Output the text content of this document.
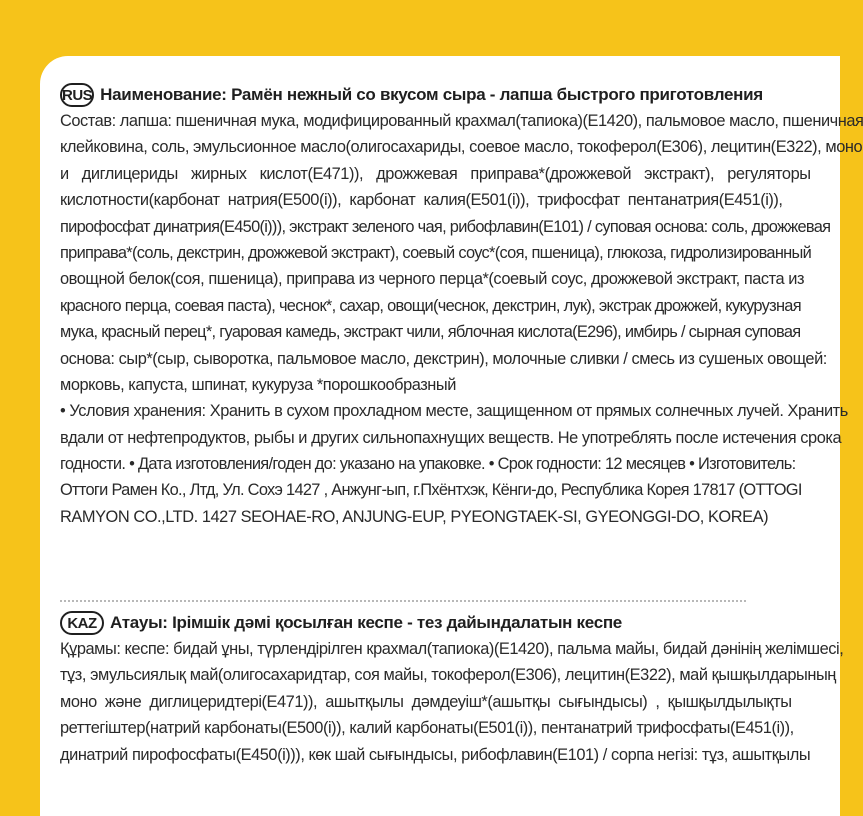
RUS Наименование: Рамён нежный со вкусом сыра - лапша быстрого приготовления
Состав: лапша: пшеничная мука, модифицированный крахмал(тапиока)(E1420), пальмовое масло, пшеничная
клейковина, соль, эмульсионное масло(олигосахариды, соевое масло, токоферол(E306), лецитин(E322), моно
и диглицериды жирных кислот(E471)), дрожжевая приправа*(дрожжевой экстракт), регуляторы
кислотности(карбонат натрия(E500(i)), карбонат калия(E501(i)), трифосфат пентанатрия(E451(i)),
пирофосфат динатрия(E450(i))), экстракт зеленого чая, рибофлавин(E101) / суповая основа: соль, дрожжевая
приправа*(соль, декстрин, дрожжевой экстракт), соевый соус*(соя, пшеница), глюкоза, гидролизированный
овощной белок(соя, пшеница), приправа из черного перца*(соевый соус, дрожжевой экстракт, паста из
красного перца, соевая паста), чеснок*, сахар, овощи(чеснок, декстрин, лук), экстрак дрожжей, кукурузная
мука, красный перец*, гуаровая камедь, экстракт чили, яблочная кислота(E296), имбирь / сырная суповая
основа: сыр*(сыр, сыворотка, пальмовое масло, декстрин), молочные сливки / смесь из сушеных овощей:
морковь, капуста, шпинат, кукуруза *порошкообразный
• Условия хранения: Хранить в сухом прохладном месте, защищенном от прямых солнечных лучей. Хранить
вдали от нефтепродуктов, рыбы и других сильнопахнущих веществ. Не употреблять после истечения срока
годности. • Дата изготовления/годен до: указано на упаковке. • Срок годности: 12 месяцев • Изготовитель:
Оттоги Рамен Ко., Лтд, Ул. Сохэ 1427 , Анжунг-ып, г.Пхёнтхэк, Кёнги-до, Республика Корея 17817 (OTTOGI
RAMYON CO.,LTD. 1427 SEOHAE-RO, ANJUNG-EUP, PYEONGTAEK-SI, GYEONGGI-DO, KOREA)
KAZ Атауы: Ірімшік дәмі қосылған кеспе - тез дайындалатын кеспе
Құрамы: кеспе: бидай ұны, түрлендірілген крахмал(тапиока)(E1420), пальма майы, бидай дәнінің желімшесі,
тұз, эмульсиялық май(олигосахаридтар, соя майы, токоферол(E306), лецитин(E322), май қышқылдарының
моно және диглицеридтері(E471)), ашытқылы дәмдеуіш*(ашытқы сығындысы) , қышқылдылықты
реттегіштер(натрий карбонаты(E500(i)), калий карбонаты(E501(i)), пентанатрий трифосфаты(E451(i)),
динатрий пирофосфаты(E450(i))), көк шай сығындысы, рибофлавин(E101) / сорпа негізі: тұз, ашытқылы
